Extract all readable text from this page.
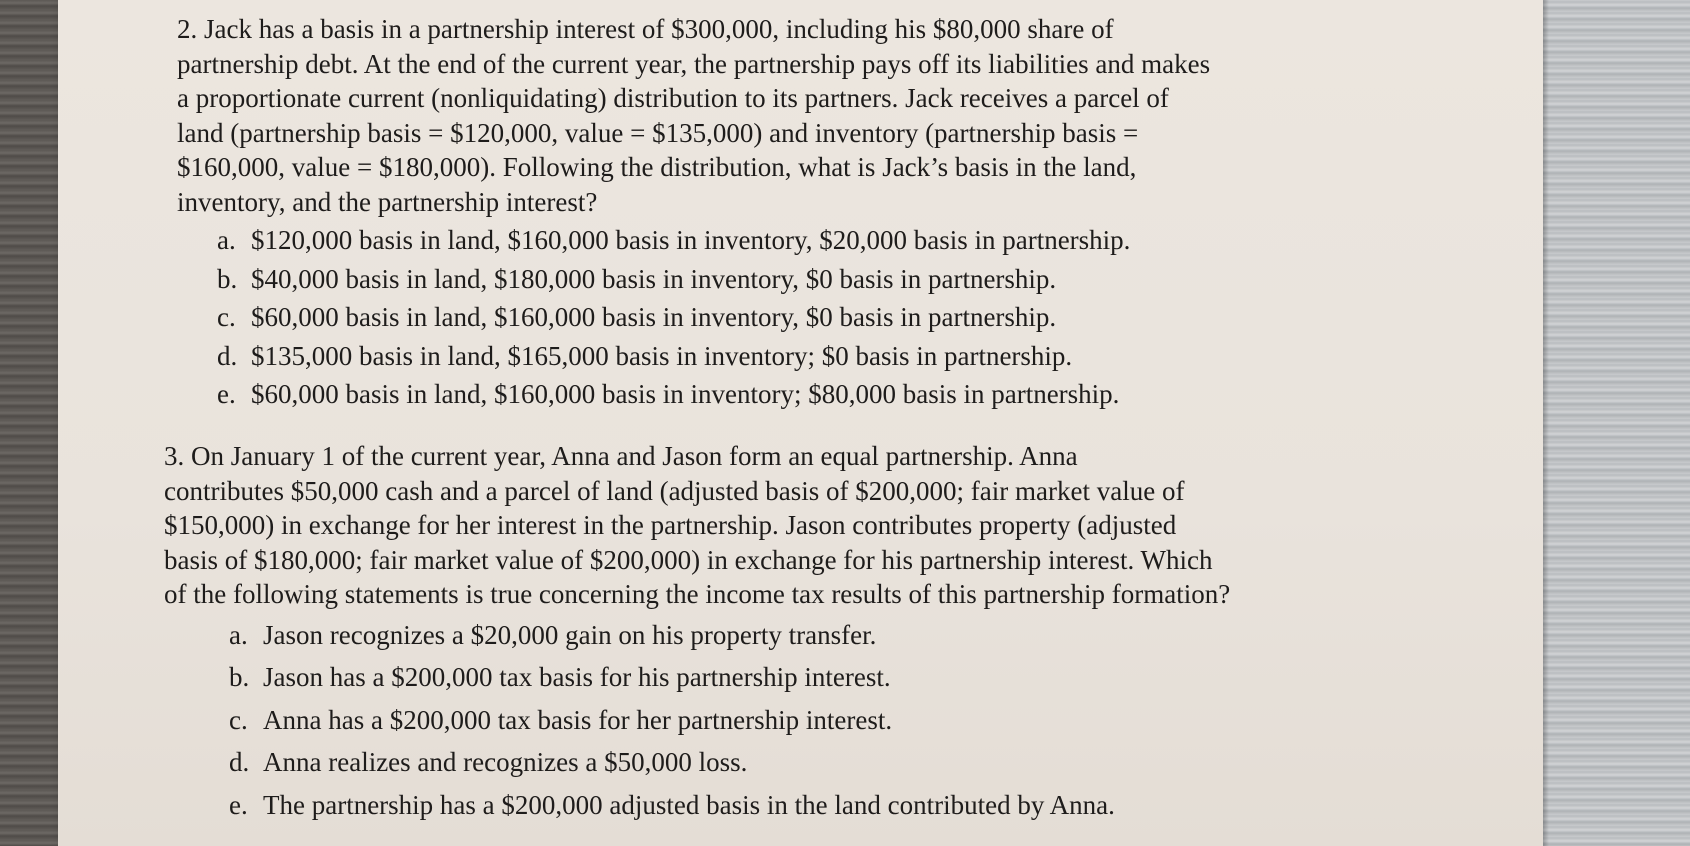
2. Jack has a basis in a partnership interest of $300,000, including his $80,000 share of
partnership debt. At the end of the current year, the partnership pays off its liabilities and makes
a proportionate current (nonliquidating) distribution to its partners. Jack receives a parcel of
land (partnership basis = $120,000, value = $135,000) and inventory (partnership basis =
$160,000, value = $180,000). Following the distribution, what is Jack’s basis in the land,
inventory, and the partnership interest?

a. $120,000 basis in land, $160,000 basis in inventory, $20,000 basis in partnership.
b. $40,000 basis in land, $180,000 basis in inventory, $0 basis in partnership.
c. $60,000 basis in land, $160,000 basis in inventory, $0 basis in partnership.
d. $135,000 basis in land, $165,000 basis in inventory; $0 basis in partnership.
e. $60,000 basis in land, $160,000 basis in inventory; $80,000 basis in partnership.

3. On January 1 of the current year, Anna and Jason form an equal partnership. Anna
contributes $50,000 cash and a parcel of land (adjusted basis of $200,000; fair market value of
$150,000) in exchange for her interest in the partnership. Jason contributes property (adjusted
basis of $180,000; fair market value of $200,000) in exchange for his partnership interest. Which
of the following statements is true concerning the income tax results of this partnership formation?

a. Jason recognizes a $20,000 gain on his property transfer.
b. Jason has a $200,000 tax basis for his partnership interest.
c. Anna has a $200,000 tax basis for her partnership interest.
d. Anna realizes and recognizes a $50,000 loss.
e. The partnership has a $200,000 adjusted basis in the land contributed by Anna.
